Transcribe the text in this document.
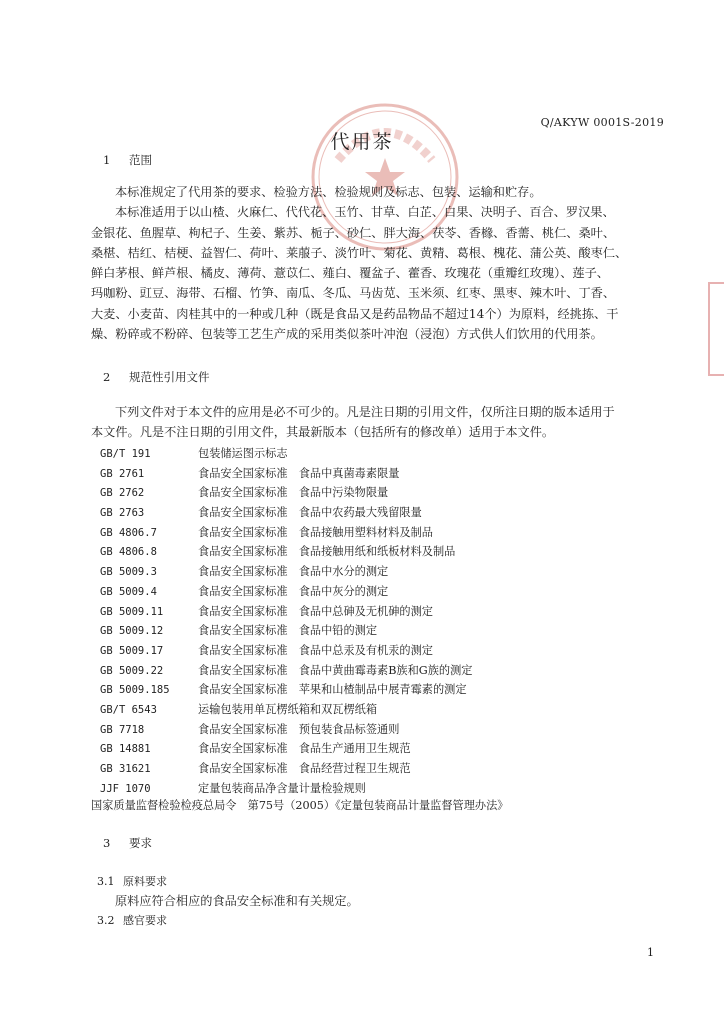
Q/AKYW 0001S-2019
代用茶
1 范围
本标准规定了代用茶的要求、检验方法、检验规则及标志、包装、运输和贮存。
本标准适用于以山楂、火麻仁、代代花、玉竹、甘草、白芷、白果、决明子、百合、罗汉果、
金银花、鱼腥草、枸杞子、生姜、紫苏、栀子、砂仁、胖大海、茯苓、香橼、香薷、桃仁、桑叶、
桑椹、桔红、桔梗、益智仁、荷叶、莱菔子、淡竹叶、菊花、黄精、葛根、槐花、蒲公英、酸枣仁、
鲜白茅根、鲜芦根、橘皮、薄荷、薏苡仁、薤白、覆盆子、藿香、玫瑰花（重瓣红玫瑰）、莲子、
玛咖粉、豇豆、海带、石榴、竹笋、南瓜、冬瓜、马齿苋、玉米须、红枣、黑枣、辣木叶、丁香、
大麦、小麦苗、肉桂其中的一种或几种（既是食品又是药品物品不超过14个）为原料，经挑拣、干
燥、粉碎或不粉碎、包装等工艺生产成的采用类似茶叶冲泡（浸泡）方式供人们饮用的代用茶。
2 规范性引用文件
下列文件对于本文件的应用是必不可少的。凡是注日期的引用文件，仅所注日期的版本适用于
本文件。凡是不注日期的引用文件，其最新版本（包括所有的修改单）适用于本文件。
GB/T 191	包装储运图示标志
GB 2761	食品安全国家标准　食品中真菌毒素限量
GB 2762	食品安全国家标准　食品中污染物限量
GB 2763	食品安全国家标准　食品中农药最大残留限量
GB 4806.7	食品安全国家标准　食品接触用塑料材料及制品
GB 4806.8	食品安全国家标准　食品接触用纸和纸板材料及制品
GB 5009.3	食品安全国家标准　食品中水分的测定
GB 5009.4	食品安全国家标准　食品中灰分的测定
GB 5009.11	食品安全国家标准　食品中总砷及无机砷的测定
GB 5009.12	食品安全国家标准　食品中铅的测定
GB 5009.17	食品安全国家标准　食品中总汞及有机汞的测定
GB 5009.22	食品安全国家标准　食品中黄曲霉毒素B族和G族的测定
GB 5009.185	食品安全国家标准　苹果和山楂制品中展青霉素的测定
GB/T 6543	运输包装用单瓦楞纸箱和双瓦楞纸箱
GB 7718	食品安全国家标准　预包装食品标签通则
GB 14881	食品安全国家标准　食品生产通用卫生规范
GB 31621	食品安全国家标准　食品经营过程卫生规范
JJF 1070	定量包装商品净含量计量检验规则
国家质量监督检验检疫总局令　第75号（2005）《定量包装商品计量监督管理办法》
3 要求
3.1 原料要求
原料应符合相应的食品安全标准和有关规定。
3.2 感官要求
1
